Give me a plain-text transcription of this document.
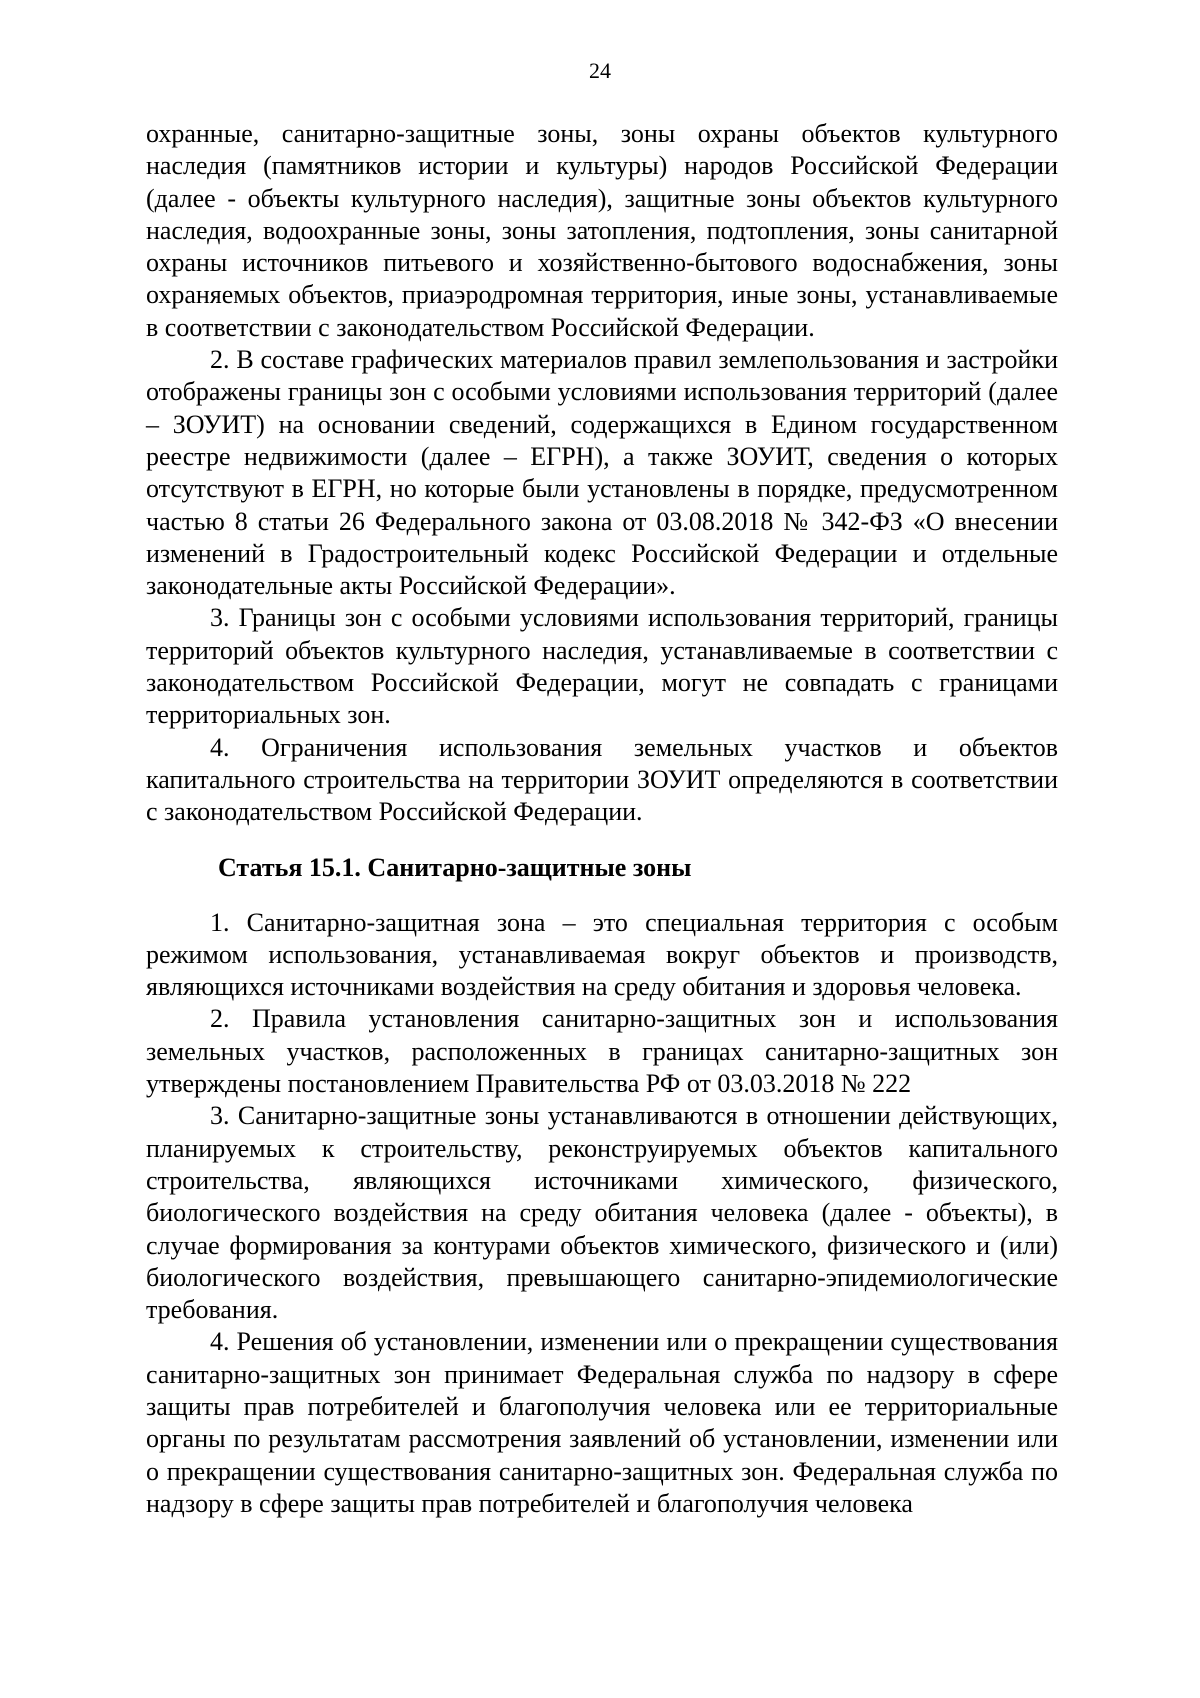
24

охранные, санитарно-защитные зоны, зоны охраны объектов культурного наследия (памятников истории и культуры) народов Российской Федерации (далее - объекты культурного наследия), защитные зоны объектов культурного наследия, водоохранные зоны, зоны затопления, подтопления, зоны санитарной охраны источников питьевого и хозяйственно-бытового водоснабжения, зоны охраняемых объектов, приаэродромная территория, иные зоны, устанавливаемые в соответствии с законодательством Российской Федерации.

2. В составе графических материалов правил землепользования и застройки отображены границы зон с особыми условиями использования территорий (далее – ЗОУИТ) на основании сведений, содержащихся в Едином государственном реестре недвижимости (далее – ЕГРН), а также ЗОУИТ, сведения о которых отсутствуют в ЕГРН, но которые были установлены в порядке, предусмотренном частью 8 статьи 26 Федерального закона от 03.08.2018 № 342-ФЗ «О внесении изменений в Градостроительный кодекс Российской Федерации и отдельные законодательные акты Российской Федерации».

3. Границы зон с особыми условиями использования территорий, границы территорий объектов культурного наследия, устанавливаемые в соответствии с законодательством Российской Федерации, могут не совпадать с границами территориальных зон.

4. Ограничения использования земельных участков и объектов капитального строительства на территории ЗОУИТ определяются в соответствии с законодательством Российской Федерации.

Статья 15.1. Санитарно-защитные зоны

1. Санитарно-защитная зона – это специальная территория с особым режимом использования, устанавливаемая вокруг объектов и производств, являющихся источниками воздействия на среду обитания и здоровья человека.

2. Правила установления санитарно-защитных зон и использования земельных участков, расположенных в границах санитарно-защитных зон утверждены постановлением Правительства РФ от 03.03.2018 № 222

3. Санитарно-защитные зоны устанавливаются в отношении действующих, планируемых к строительству, реконструируемых объектов капитального строительства, являющихся источниками химического, физического, биологического воздействия на среду обитания человека (далее - объекты), в случае формирования за контурами объектов химического, физического и (или) биологического воздействия, превышающего санитарно-эпидемиологические требования.

4. Решения об установлении, изменении или о прекращении существования санитарно-защитных зон принимает Федеральная служба по надзору в сфере защиты прав потребителей и благополучия человека или ее территориальные органы по результатам рассмотрения заявлений об установлении, изменении или о прекращении существования санитарно-защитных зон. Федеральная служба по надзору в сфере защиты прав потребителей и благополучия человека
